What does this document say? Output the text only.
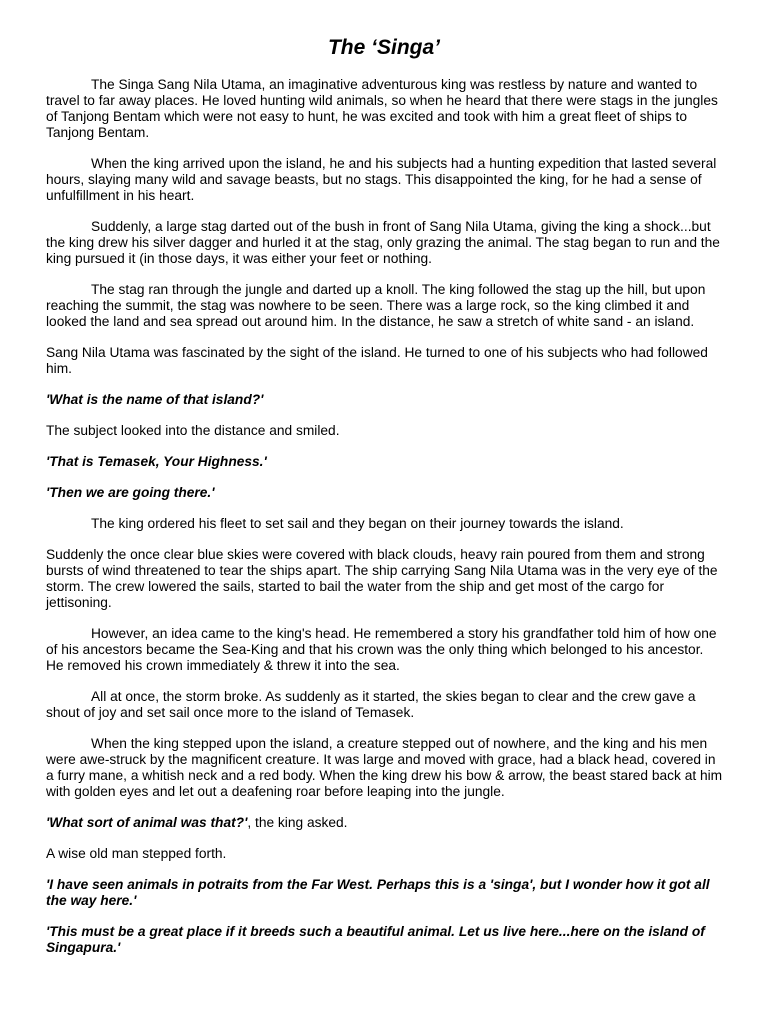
The ‘Singa’

The Singa Sang Nila Utama, an imaginative adventurous king was restless by nature and wanted to travel to far away places. He loved hunting wild animals, so when he heard that there were stags in the jungles of Tanjong Bentam which were not easy to hunt, he was excited and took with him a great fleet of ships to Tanjong Bentam.

When the king arrived upon the island, he and his subjects had a hunting expedition that lasted several hours, slaying many wild and savage beasts, but no stags. This disappointed the king, for he had a sense of unfulfillment in his heart.

Suddenly, a large stag darted out of the bush in front of Sang Nila Utama, giving the king a shock...but the king drew his silver dagger and hurled it at the stag, only grazing the animal. The stag began to run and the king pursued it (in those days, it was either your feet or nothing.

The stag ran through the jungle and darted up a knoll. The king followed the stag up the hill, but upon reaching the summit, the stag was nowhere to be seen. There was a large rock, so the king climbed it and looked the land and sea spread out around him. In the distance, he saw a stretch of white sand - an island.

Sang Nila Utama was fascinated by the sight of the island. He turned to one of his subjects who had followed him.

'What is the name of that island?'

The subject looked into the distance and smiled.

'That is Temasek, Your Highness.'

'Then we are going there.'

The king ordered his fleet to set sail and they began on their journey towards the island.

Suddenly the once clear blue skies were covered with black clouds, heavy rain poured from them and strong bursts of wind threatened to tear the ships apart. The ship carrying Sang Nila Utama was in the very eye of the storm. The crew lowered the sails, started to bail the water from the ship and get most of the cargo for jettisoning.

However, an idea came to the king's head. He remembered a story his grandfather told him of how one of his ancestors became the Sea-King and that his crown was the only thing which belonged to his ancestor. He removed his crown immediately & threw it into the sea.

All at once, the storm broke. As suddenly as it started, the skies began to clear and the crew gave a shout of joy and set sail once more to the island of Temasek.

When the king stepped upon the island, a creature stepped out of nowhere, and the king and his men were awe-struck by the magnificent creature. It was large and moved with grace, had a black head, covered in a furry mane, a whitish neck and a red body. When the king drew his bow & arrow, the beast stared back at him with golden eyes and let out a deafening roar before leaping into the jungle.

'What sort of animal was that?', the king asked.

A wise old man stepped forth.

'I have seen animals in potraits from the Far West. Perhaps this is a 'singa', but I wonder how it got all the way here.'

'This must be a great place if it breeds such a beautiful animal. Let us live here...here on the island of Singapura.'
